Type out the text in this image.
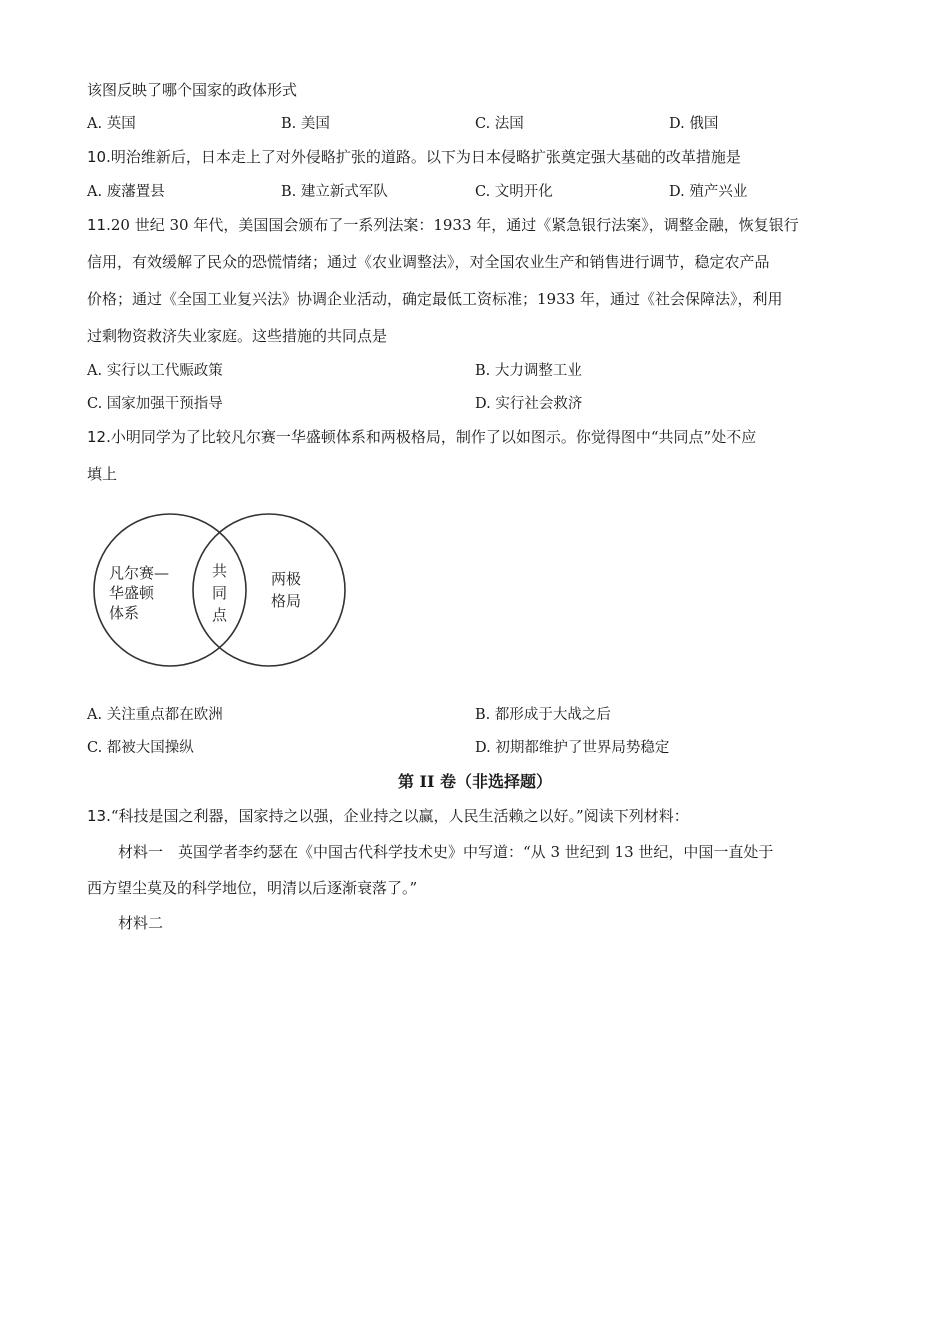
该图反映了哪个国家的政体形式
A. 英国	B. 美国	C. 法国	D. 俄国
10.明治维新后，日本走上了对外侵略扩张的道路。以下为日本侵略扩张奠定强大基础的改革措施是
A. 废藩置县	B. 建立新式军队	C. 文明开化	D. 殖产兴业
11.20 世纪 30 年代，美国国会颁布了一系列法案：1933 年，通过《紧急银行法案》，调整金融，恢复银行
信用，有效缓解了民众的恐慌情绪；通过《农业调整法》，对全国农业生产和销售进行调节，稳定农产品
价格；通过《全国工业复兴法》协调企业活动，确定最低工资标准；1933 年，通过《社会保障法》，利用
过剩物资救济失业家庭。这些措施的共同点是
A. 实行以工代赈政策	B. 大力调整工业
C. 国家加强干预指导	D. 实行社会救济
12.小明同学为了比较凡尔赛一华盛顿体系和两极格局，制作了以如图示。你觉得图中“共同点”处不应
填上
凡尔赛—
华盛顿
体系
共
同
点
两极
格局
A. 关注重点都在欧洲	B. 都形成于大战之后
C. 都被大国操纵	D. 初期都维护了世界局势稳定
第 II 卷（非选择题）
13.“科技是国之利器，国家持之以强，企业持之以赢，人民生活赖之以好。”阅读下列材料：
材料一　英国学者李约瑟在《中国古代科学技术史》中写道：“从 3 世纪到 13 世纪，中国一直处于
西方望尘莫及的科学地位，明清以后逐渐衰落了。”
材料二
